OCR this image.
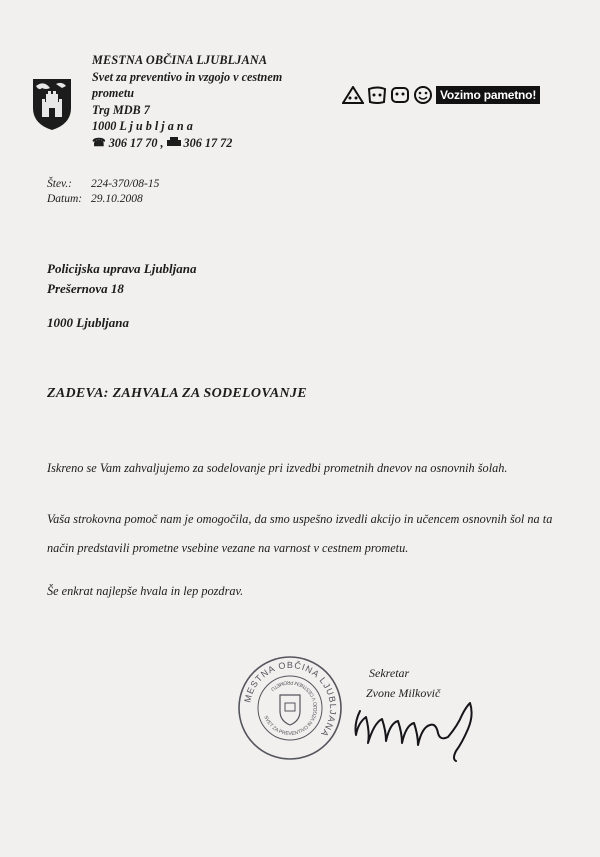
MESTNA OBČINA LJUBLJANA
Svet za preventivo in vzgojo v cestnem
prometu
Trg MDB 7
1000 L j u b l j a n a
☎ 306 17 70 , 306 17 72
Vozimo pametno!
Štev.:	224-370/08-15
Datum: 29.10.2008
Policijska uprava Ljubljana
Prešernova 18
1000 Ljubljana
ZADEVA: ZAHVALA ZA SODELOVANJE

Iskreno se Vam zahvaljujemo za sodelovanje pri izvedbi prometnih dnevov na osnovnih šolah.

Vaša strokovna pomoč nam je omogočila, da smo uspešno izvedli akcijo in učencem osnovnih šol na ta način predstavili prometne vsebine vezane na varnost v cestnem prometu.

Še enkrat najlepše hvala in lep pozdrav.

MESTNA OBČINA LJUBLJANA
SVET ZA PREVENTIVO IN VZGOJO V CESTNEM PROMETU
Sekretar
Zvone Milkovič
